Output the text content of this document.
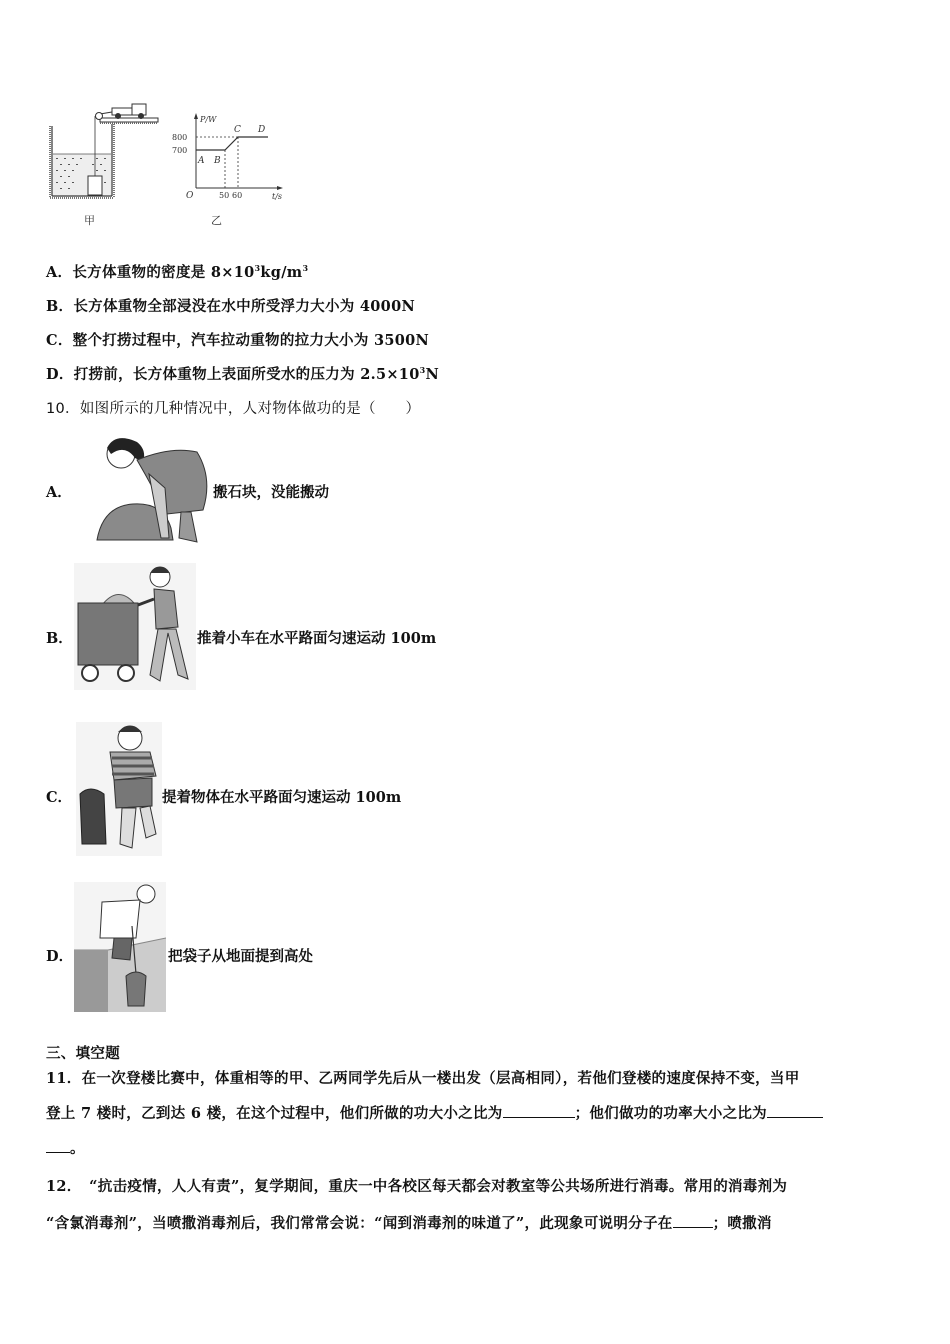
甲
P/W
800
700
A B
C D
O	50 60	t/s
乙
A．长方体重物的密度是 $8\times 10^3kg/m^3$
B．长方体重物全部浸没在水中所受浮力大小为 4000N
C．整个打捞过程中，汽车拉动重物的拉力大小为 3500N
D．打捞前，长方体重物上表面所受水的压力为 $2.5\times 10^3N$
10．如图所示的几种情况中，人对物体做功的是（　　）
A．	搬石块，没能搬动
B．	推着小车在水平路面匀速运动 100m
C．	提着物体在水平路面匀速运动 100m
D．	把袋子从地面提到高处
三、填空题
11．在一次登楼比赛中，体重相等的甲、乙两同学先后从一楼出发（层高相同），若他们登楼的速度保持不变，当甲
登上 7 楼时，乙到达 6 楼，在这个过程中，他们所做的功大小之比为	；他们做功的功率大小之比为
。
12．　“抗击疫情，人人有责”，复学期间，重庆一中各校区每天都会对教室等公共场所进行消毒。常用的消毒剂为
“含氯消毒剂”，当喷撒消毒剂后，我们常常会说：“闻到消毒剂的味道了”，此现象可说明分子在	；喷撒消
